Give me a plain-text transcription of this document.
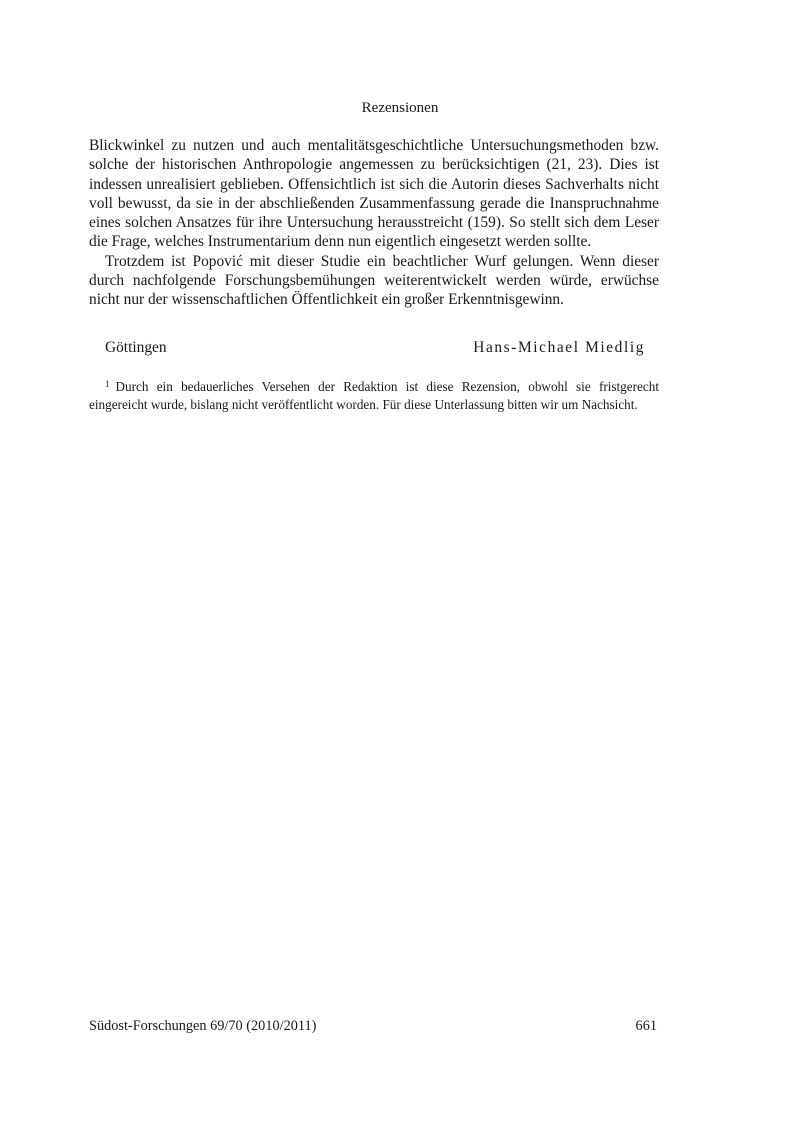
Rezensionen

Blickwinkel zu nutzen und auch mentalitätsgeschichtliche Untersuchungsmethoden bzw. solche der historischen Anthropologie angemessen zu berücksichtigen (21, 23). Dies ist indessen unrealisiert geblieben. Offensichtlich ist sich die Autorin dieses Sachverhalts nicht voll bewusst, da sie in der abschließenden Zusammenfassung gerade die Inanspruchnahme eines solchen Ansatzes für ihre Untersuchung herausstreicht (159). So stellt sich dem Leser die Frage, welches Instrumentarium denn nun eigentlich eingesetzt werden sollte.

Trotzdem ist Popović mit dieser Studie ein beachtlicher Wurf gelungen. Wenn dieser durch nachfolgende Forschungsbemühungen weiterentwickelt werden würde, erwüchse nicht nur der wissenschaftlichen Öffentlichkeit ein großer Erkenntnisgewinn.

Göttingen	Hans-Michael Miedlig
$^1$ Durch ein bedauerliches Versehen der Redaktion ist diese Rezension, obwohl sie fristgerecht eingereicht wurde, bislang nicht veröffentlicht worden. Für diese Unterlassung bitten wir um Nachsicht.
Südost-Forschungen 69/70 (2010/2011)	661
